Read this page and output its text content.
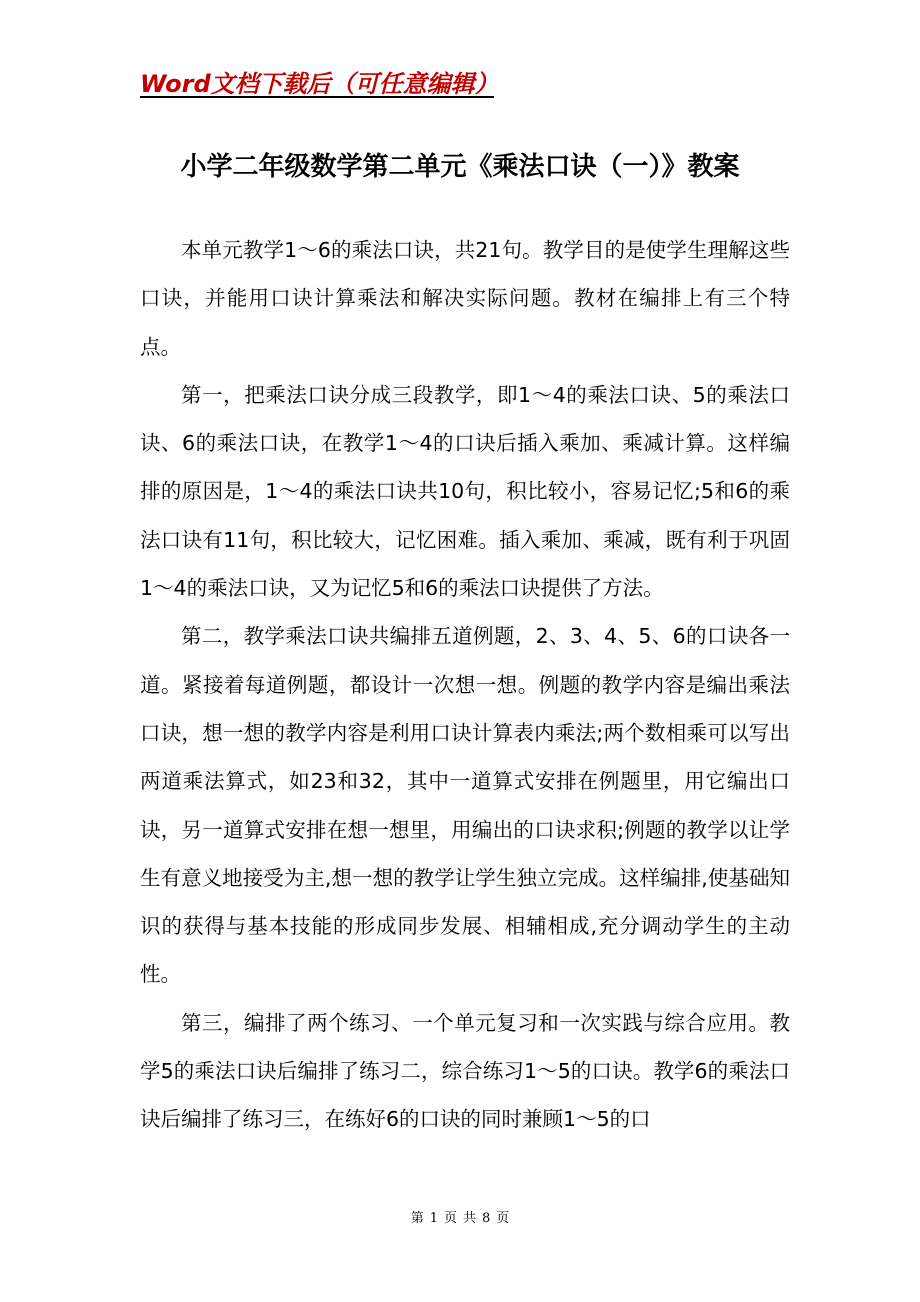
Word文档下载后（可任意编辑）
小学二年级数学第二单元《乘法口诀（一）》教案

本单元教学1～6的乘法口诀，共21句。教学目的是使学生理解这些口诀，并能用口诀计算乘法和解决实际问题。教材在编排上有三个特点。

第一，把乘法口诀分成三段教学，即1～4的乘法口诀、5的乘法口诀、6的乘法口诀，在教学1～4的口诀后插入乘加、乘减计算。这样编排的原因是，1～4的乘法口诀共10句，积比较小，容易记忆;5和6的乘法口诀有11句，积比较大，记忆困难。插入乘加、乘减，既有利于巩固1～4的乘法口诀，又为记忆5和6的乘法口诀提供了方法。

第二，教学乘法口诀共编排五道例题，2、3、4、5、6的口诀各一道。紧接着每道例题，都设计一次想一想。例题的教学内容是编出乘法口诀，想一想的教学内容是利用口诀计算表内乘法;两个数相乘可以写出两道乘法算式，如23和32，其中一道算式安排在例题里，用它编出口诀，另一道算式安排在想一想里，用编出的口诀求积;例题的教学以让学生有意义地接受为主,想一想的教学让学生独立完成。这样编排,使基础知识的获得与基本技能的形成同步发展、相辅相成,充分调动学生的主动性。

第三，编排了两个练习、一个单元复习和一次实践与综合应用。教学5的乘法口诀后编排了练习二，综合练习1～5的口诀。教学6的乘法口诀后编排了练习三，在练好6的口诀的同时兼顾1～5的口

第 1 页 共 8 页
